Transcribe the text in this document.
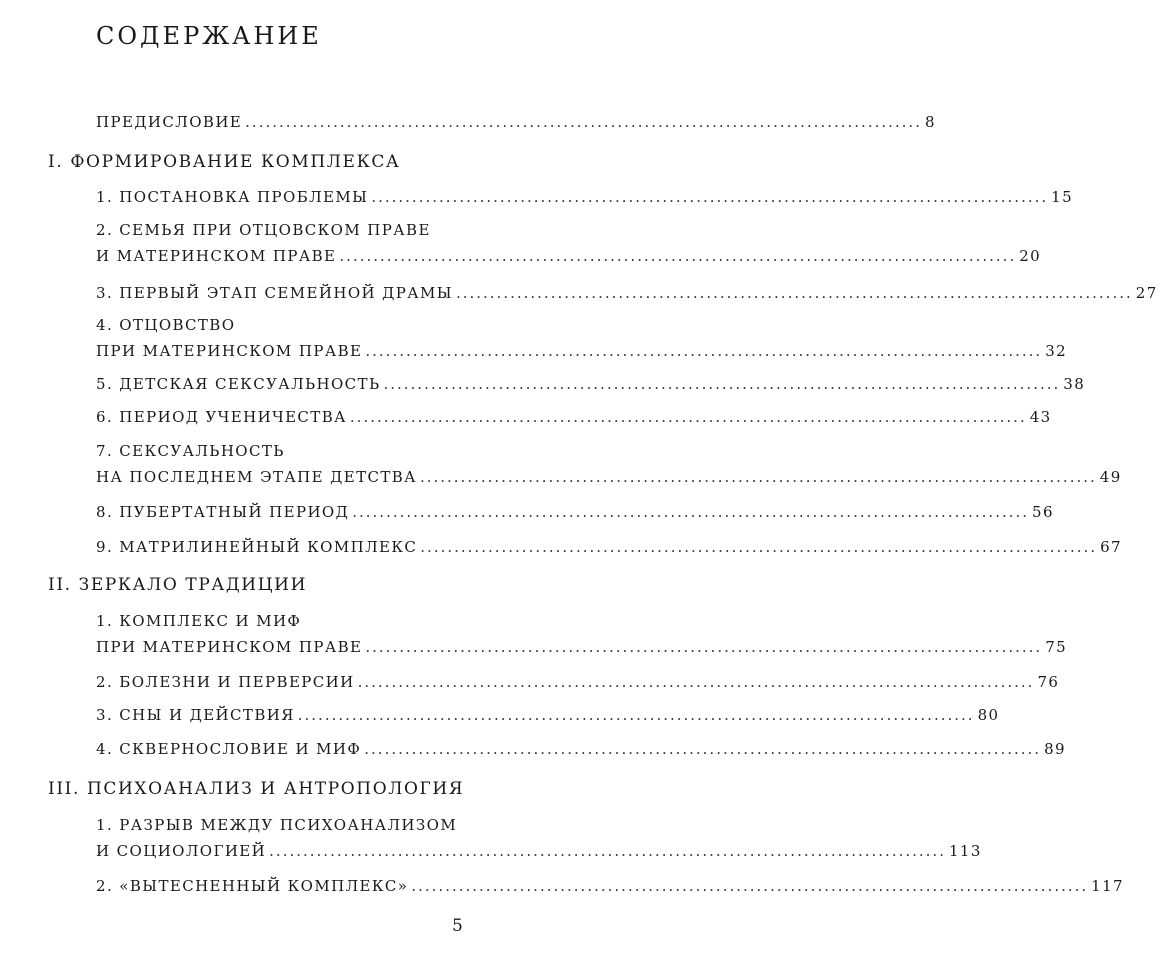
СОДЕРЖАНИЕ
ПРЕДИСЛОВИЕ .................................................................................................... 8
I. ФОРМИРОВАНИЕ КОМПЛЕКСА
1. ПОСТАНОВКА ПРОБЛЕМЫ .................................................................................................... 15
2. СЕМЬЯ ПРИ ОТЦОВСКОМ ПРАВЕ
И МАТЕРИНСКОМ ПРАВЕ .................................................................................................... 20
3. ПЕРВЫЙ ЭТАП СЕМЕЙНОЙ ДРАМЫ .................................................................................................... 27
4. ОТЦОВСТВО
ПРИ МАТЕРИНСКОМ ПРАВЕ .................................................................................................... 32
5. ДЕТСКАЯ СЕКСУАЛЬНОСТЬ .................................................................................................... 38
6. ПЕРИОД УЧЕНИЧЕСТВА .................................................................................................... 43
7. СЕКСУАЛЬНОСТЬ
НА ПОСЛЕДНЕМ ЭТАПЕ ДЕТСТВА .................................................................................................... 49
8. ПУБЕРТАТНЫЙ ПЕРИОД .................................................................................................... 56
9. МАТРИЛИНЕЙНЫЙ КОМПЛЕКС .................................................................................................... 67
II. ЗЕРКАЛО ТРАДИЦИИ
1. КОМПЛЕКС И МИФ
ПРИ МАТЕРИНСКОМ ПРАВЕ .................................................................................................... 75
2. БОЛЕЗНИ И ПЕРВЕРСИИ .................................................................................................... 76
3. СНЫ И ДЕЙСТВИЯ .................................................................................................... 80
4. СКВЕРНОСЛОВИЕ И МИФ .................................................................................................... 89
III. ПСИХОАНАЛИЗ И АНТРОПОЛОГИЯ
1. РАЗРЫВ МЕЖДУ ПСИХОАНАЛИЗОМ
И СОЦИОЛОГИЕЙ .................................................................................................... 113
2. «ВЫТЕСНЕННЫЙ КОМПЛЕКС» .................................................................................................... 117
5
